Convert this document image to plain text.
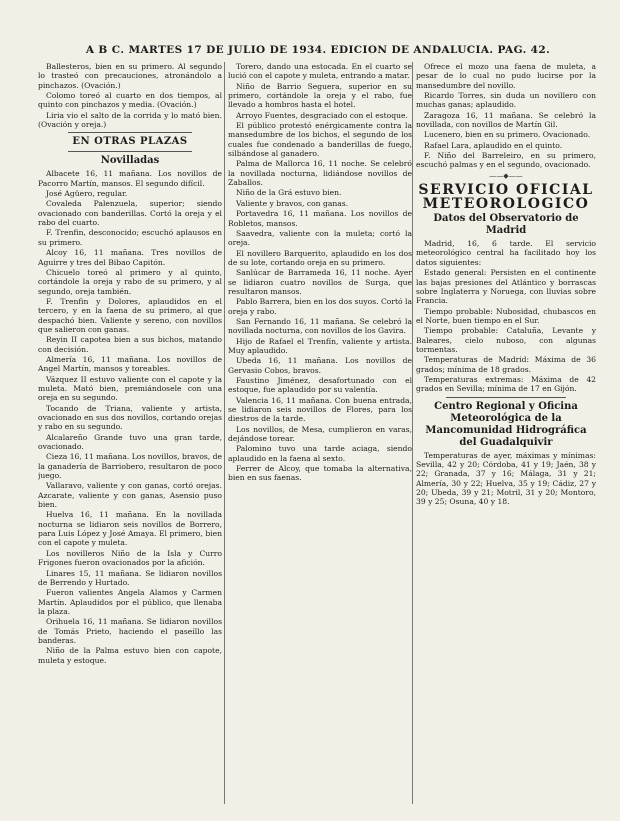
A B C. MARTES 17 DE JULIO DE 1934. EDICION DE ANDALUCIA. PAG. 42.

Ballesteros, bien en su primero. Al segundo lo trasteó con precauciones, atronándolo a pinchazos. (Ovación.)

Colomo toreó al cuarto en dos tiempos, al quinto con pinchazos y media. (Ovación.)

Liria vio el salto de la corrida y lo mató bien. (Ovación y oreja.)

EN OTRAS PLAZAS
Novilladas

Albacete 16, 11 mañana. Los novillos de Pacorro Martín, mansos. El segundo difícil.

José Agüero, regular.

Covaleda Palenzuela, superior; siendo ovacionado con banderillas. Cortó la oreja y el rabo del cuarto.

F. Trenfin, desconocido; escuchó aplausos en su primero.

Alcoy 16, 11 mañana. Tres novillos de Aguirre y tres del Bibao Capitón.

Chicuelo toreó al primero y al quinto, cortándole la oreja y rabo de su primero, y al segundo, oreja también.

F. Trenfin y Dolores, aplaudidos en el tercero, y en la faena de su primero, al que despachó bien. Valiente y sereno, con novillos que salieron con ganas.

Reyin II capotea bien a sus bichos, matando con decisión.

Almería 16, 11 mañana. Los novillos de Angel Martín, mansos y toreables.

Vázquez II estuvo valiente con el capote y la muleta. Mató bien, premiándosele con una oreja en su segundo.

Tocando de Triana, valiente y artista, ovacionado en sus dos novillos, cortando orejas y rabo en su segundo.

Alcalareño Grande tuvo una gran tarde, ovacionado.

Cieza 16, 11 mañana. Los novillos, bravos, de la ganadería de Barriobero, resultaron de poco juego.

Vallaravo, valiente y con ganas, cortó orejas. Azcarate, valiente y con ganas, Asensio puso bien.

Huelva 16, 11 mañana. En la novillada nocturna se lidiaron seis novillos de Borrero, para Luis López y José Amaya. El primero, bien con el capote y muleta.

Los novilleros Niño de la Isla y Curro Frigones fueron ovacionados por la afición.

Linares 15, 11 mañana. Se lidiaron novillos de Berrendo y Hurtado.

Fueron valientes Angela Alamos y Carmen Martín. Aplaudidos por el público, que llenaba la plaza.

Orihuela 16, 11 mañana. Se lidiaron novillos de Tomás Prieto, haciendo el paseíllo las banderas.

Niño de la Palma estuvo bien con capote, muleta y estoque.

Torero, dando una estocada. En el cuarto se lució con el capote y muleta, entrando a matar.

Niño de Barrio Seguera, superior en su primero, cortándole la oreja y el rabo, fue llevado a hombros hasta el hotel.

Arroyo Fuentes, desgraciado con el estoque.

El público protestó enérgicamente contra la mansedumbre de los bichos, el segundo de los cuales fue condenado a banderillas de fuego, silbándose al ganadero.

Palma de Mallorca 16, 11 noche. Se celebró la novillada nocturna, lidiándose novillos de Zaballos.

Niño de la Grá estuvo bien.

Valiente y bravos, con ganas.

Portavedra 16, 11 mañana. Los novillos de Robletos, mansos.

Saavedra, valiente con la muleta; cortó la oreja.

El novillero Barquerito, aplaudido en los dos de su lote, cortando oreja en su primero.

Sanlúcar de Barrameda 16, 11 noche. Ayer se lidiaron cuatro novillos de Surga, que resultaron mansos.

Pablo Barrera, bien en los dos suyos. Cortó la oreja y rabo.

San Fernando 16, 11 mañana. Se celebró la novillada nocturna, con novillos de los Gavira.

Hijo de Rafael el Trenfín, valiente y artista. Muy aplaudido.

Ubeda 16, 11 mañana. Los novillos de Gervasio Cobos, bravos.

Faustino Jiménez, desafortunado con el estoque, fue aplaudido por su valentía.

Valencia 16, 11 mañana. Con buena entrada, se lidiaron seis novillos de Flores, para los diestros de la tarde.

Los novillos, de Mesa, cumplieron en varas, dejándose torear.

Palomino tuvo una tarde aciaga, siendo aplaudido en la faena al sexto.

Ferrer de Alcoy, que tomaba la alternativa, bien en sus faenas.

Ofrece el mozo una faena de muleta, a pesar de lo cual no pudo lucirse por la mansedumbre del novillo.

Ricardo Torres, sin duda un novillero con muchas ganas; aplaudido.

Zaragoza 16, 11 mañana. Se celebró la novillada, con novillos de Martín Gil.

Lucenero, bien en su primero. Ovacionado.

Rafael Lara, aplaudido en el quinto.

F. Niño del Barreleiro, en su primero, escuchó palmas y en el segundo, ovacionado.

——◆——
SERVICIO OFICIAL
METEOROLOGICO
Datos del Observatorio de Madrid

Madrid, 16, 6 tarde. El servicio meteorológico central ha facilitado hoy los datos siguientes:

Estado general: Persisten en el continente las bajas presiones del Atlántico y borrascas sobre Inglaterra y Noruega, con lluvias sobre Francia.

Tiempo probable: Nubosidad, chubascos en el Norte, buen tiempo en el Sur.

Tiempo probable: Cataluña, Levante y Baleares, cielo nuboso, con algunas tormentas.

Temperaturas de Madrid: Máxima de 36 grados; mínima de 18 grados.

Temperaturas extremas: Máxima de 42 grados en Sevilla; mínima de 17 en Gijón.

Centro Regional y Oficina Meteorológica de la Mancomunidad Hidrográfica del Guadalquivir

Temperaturas de ayer, máximas y mínimas: Sevilla, 42 y 20; Córdoba, 41 y 19; Jaén, 38 y 22; Granada, 37 y 16; Málaga, 31 y 21; Almería, 30 y 22; Huelva, 35 y 19; Cádiz, 27 y 20; Ubeda, 39 y 21; Motril, 31 y 20; Montoro, 39 y 25; Osuna, 40 y 18.
